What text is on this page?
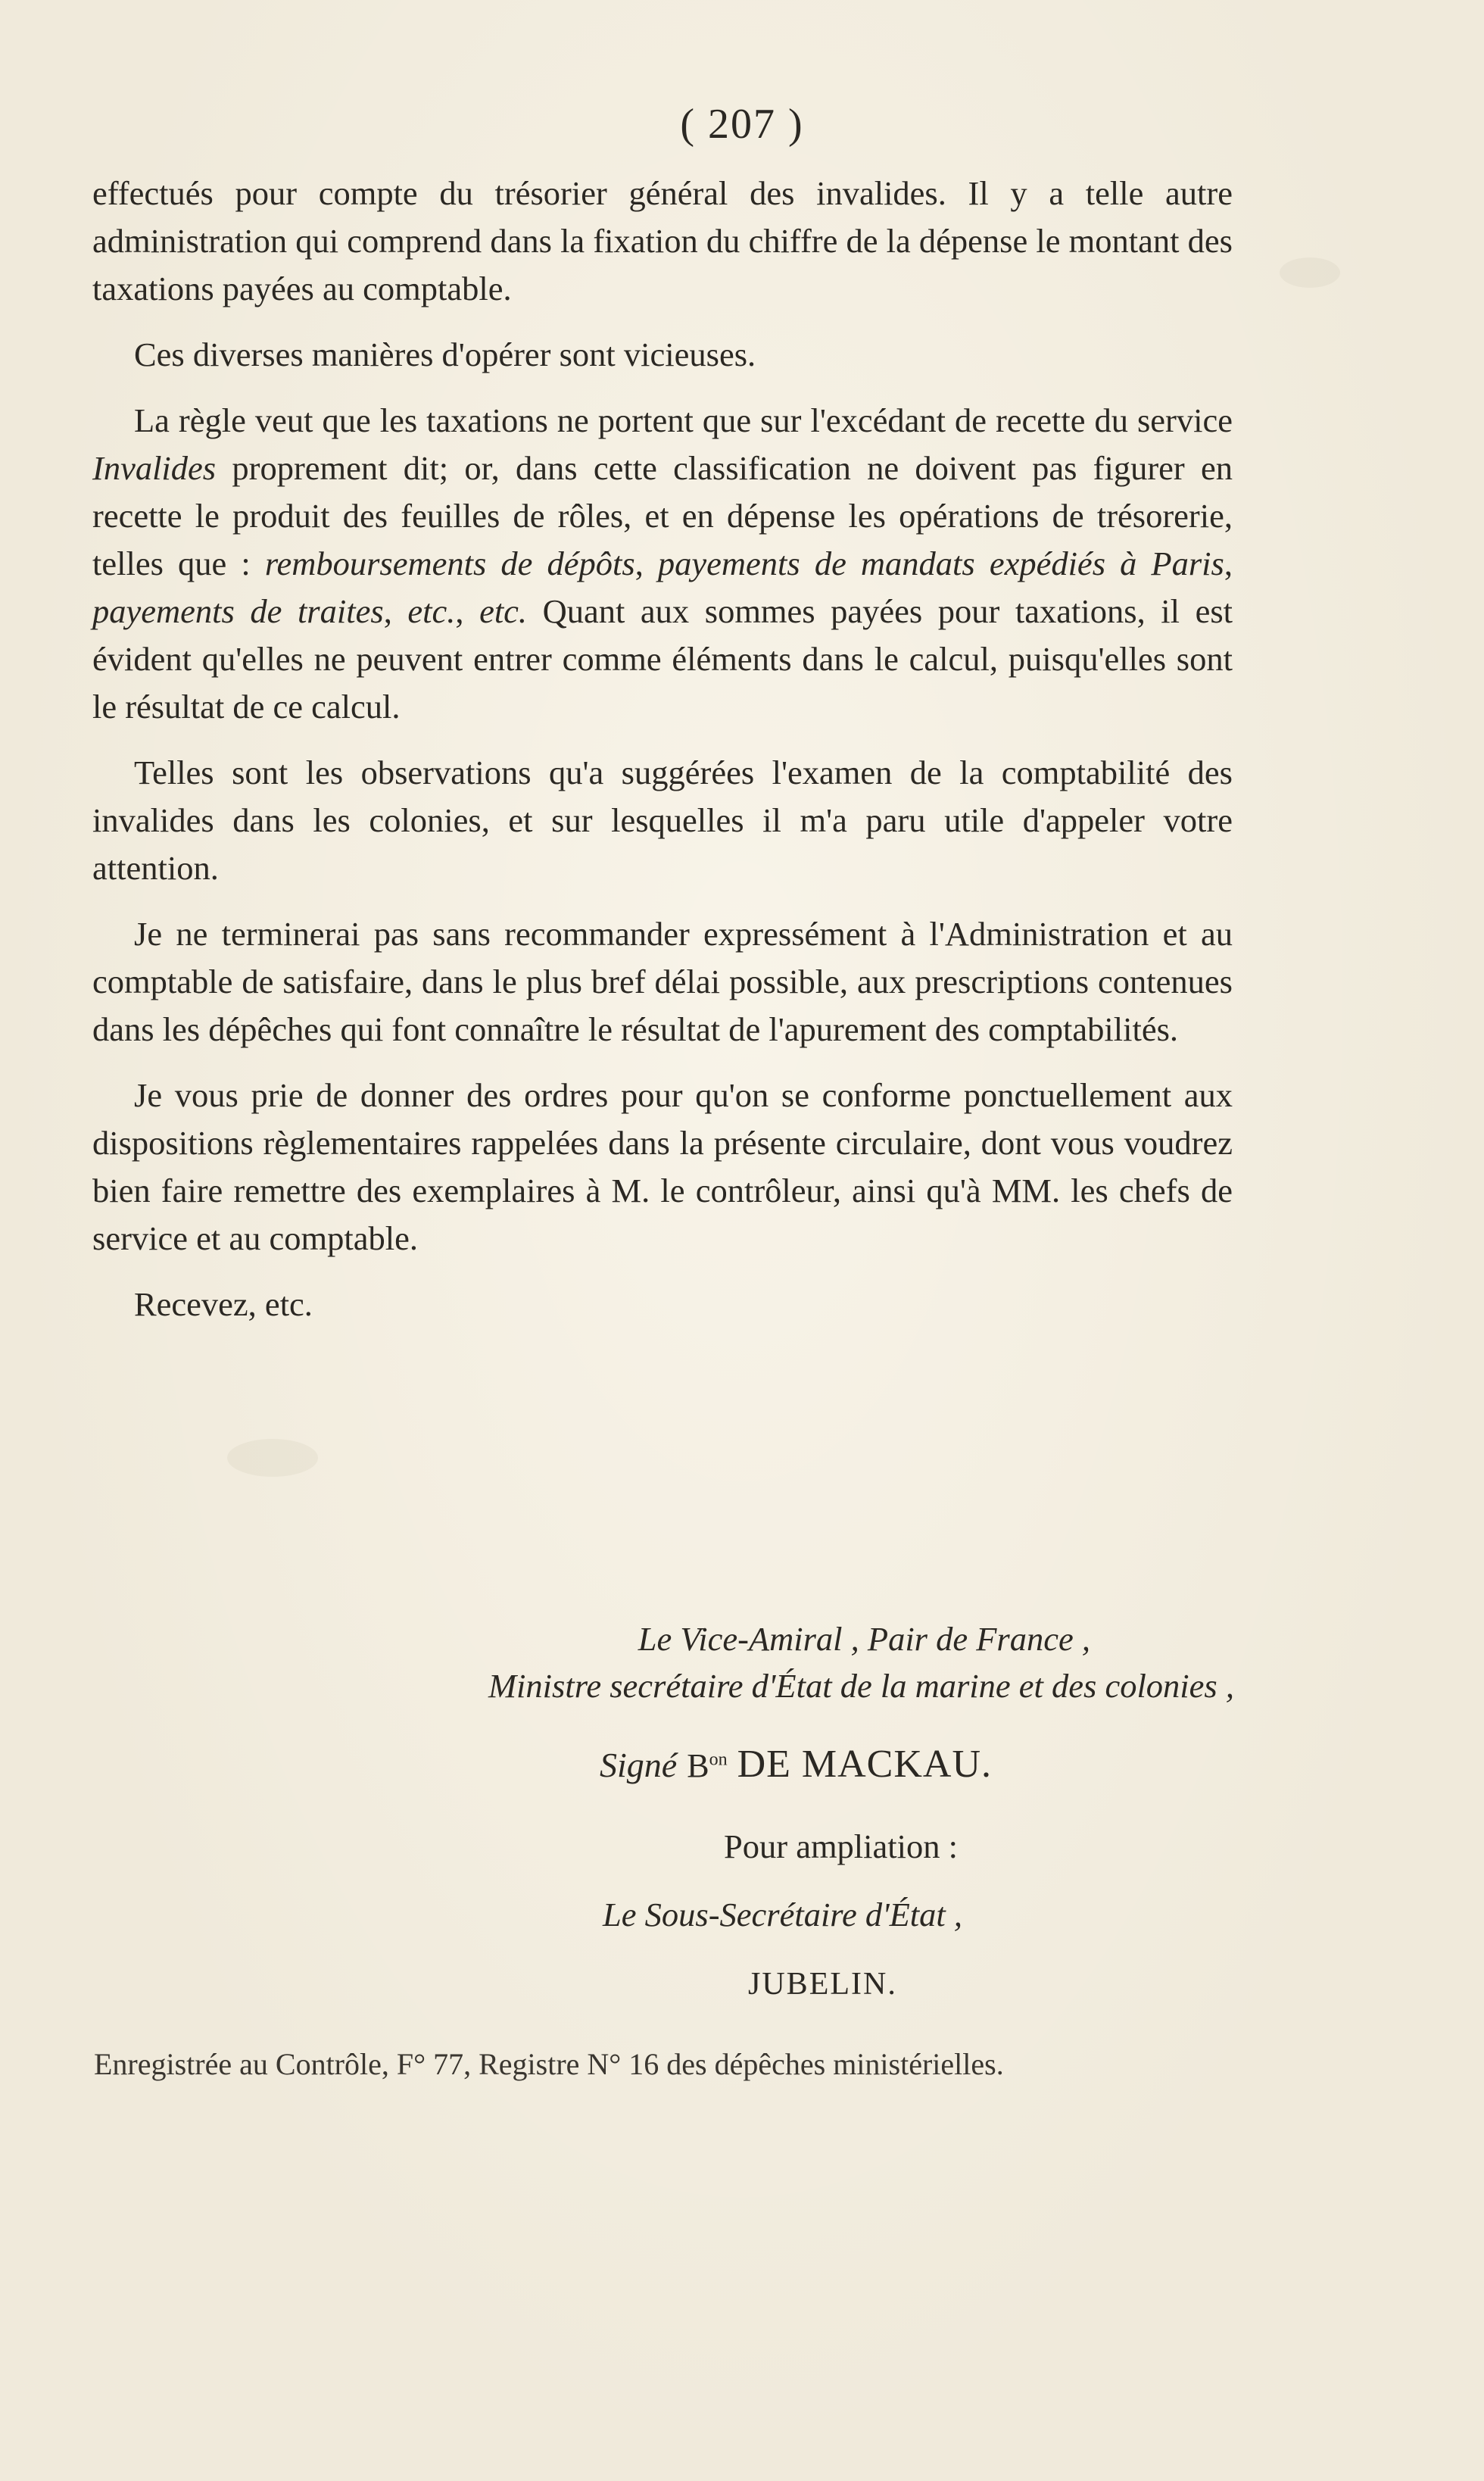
( 207 )

effectués pour compte du trésorier général des invalides. Il y a telle autre administration qui comprend dans la fixation du chiffre de la dépense le montant des taxations payées au comptable.

Ces diverses manières d'opérer sont vicieuses.

La règle veut que les taxations ne portent que sur l'excédant de recette du service Invalides proprement dit; or, dans cette classification ne doivent pas figurer en recette le produit des feuilles de rôles, et en dépense les opérations de trésorerie, telles que : remboursements de dépôts, payements de mandats expédiés à Paris, payements de traites, etc., etc. Quant aux sommes payées pour taxations, il est évident qu'elles ne peuvent entrer comme éléments dans le calcul, puisqu'elles sont le résultat de ce calcul.

Telles sont les observations qu'a suggérées l'examen de la comptabilité des invalides dans les colonies, et sur lesquelles il m'a paru utile d'appeler votre attention.

Je ne terminerai pas sans recommander expressément à l'Administration et au comptable de satisfaire, dans le plus bref délai possible, aux prescriptions contenues dans les dépêches qui font connaître le résultat de l'apurement des comptabilités.

Je vous prie de donner des ordres pour qu'on se conforme ponctuellement aux dispositions règlementaires rappelées dans la présente circulaire, dont vous voudrez bien faire remettre des exemplaires à M. le contrôleur, ainsi qu'à MM. les chefs de service et au comptable.

Recevez, etc.

Le Vice-Amiral , Pair de France ,
Ministre secrétaire d'État de la marine et des colonies ,
Signé $B^{on}$ DE MACKAU.
Pour ampliation :
Le Sous-Secrétaire d'État ,
JUBELIN.
Enregistrée au Contrôle, F° 77, Registre N° 16 des dépêches ministérielles.
